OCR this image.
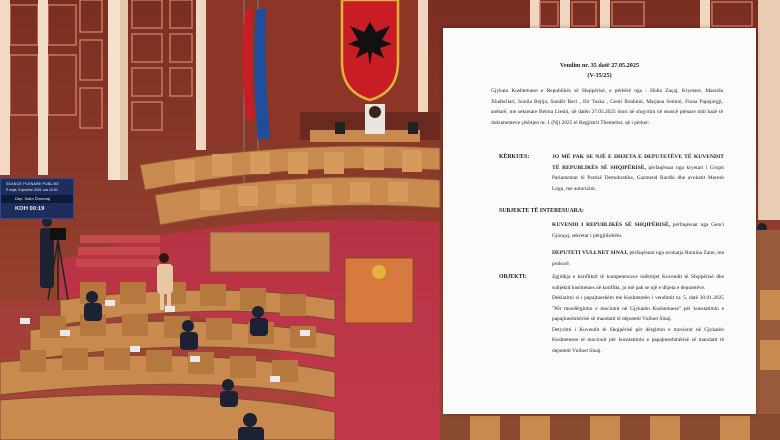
SEANCË PLENARE PUBLIKE
E enjte, 5 qershor 2025, ora 10:00
Dep. Saim Ďrmenaj
KOH 00:19
Vendim nr. 35 datë 27.05.2025
(V-35/25)
Gjykata Kushtetuese e Republikës së Shqipërisë, e përbërë nga : Holta Zaçaj, Kryetare, Marsida Xhaferllari, Sonila Bejtja, Sandër Beci , Ilir Toska , Genti Ibrahimi, Marjana Semini, Fiona Papajorgji, anëtarë, me sekretare Belma Lleshi, në datën 27.05.2025 mori në shqyrtim në seancë plenare mbi bazë të dokumenteve çështjen nr. 1 (Nj) 2025 të Regjistrit Themeltar, që i përket:
KËRKUES:	JO MË PAK SE NJË E DHJETA E DEPUTETËVE TË KUVENDIT TË REPUBLIKËS SË SHQIPËRISË, përfaqësuar nga kryetari i Grupit Parlamentar të Partisë Demokratike, Gazmend Bardhi dhe avokatit Maresh Logu, me autorizim.
SUBJEKTE TË INTERESUARA:
KUVENDI I REPUBLIKËS SË SHQIPËRISË, përfaqësuar nga Genci Gjonçaj, sekretar i përgjithshëm.
DEPUTETI VULLNET SINAJ, përfaqësuar nga avokatja Romina Zano, me prokurë.
OBJEKTI:	Zgjidhja e konfliktit të kompetencave ndërmjet Kuvendit të Shqipërisë dhe subjektit kushtetues në konflikt, jo më pak se një e dhjeta e deputetëve.
Deklarimi si i papajtueshëm me Kushtetutën i vendimit nr. 5, datë 30.01.2025 "Për mosdërgimin e mocionit në Gjykatën Kushtetuese" për konstatimin e papajtueshmërisë së mandatit të deputetit Vullnet Sinaj.
Detyrimi i Kuvendit të Shqipërisë për dërgimin e mocionit në Gjykatën Kushtetuese të mocionit për konstatimin e papajtueshmërisë së mandatit të deputetit Vullnet Sinaj.
